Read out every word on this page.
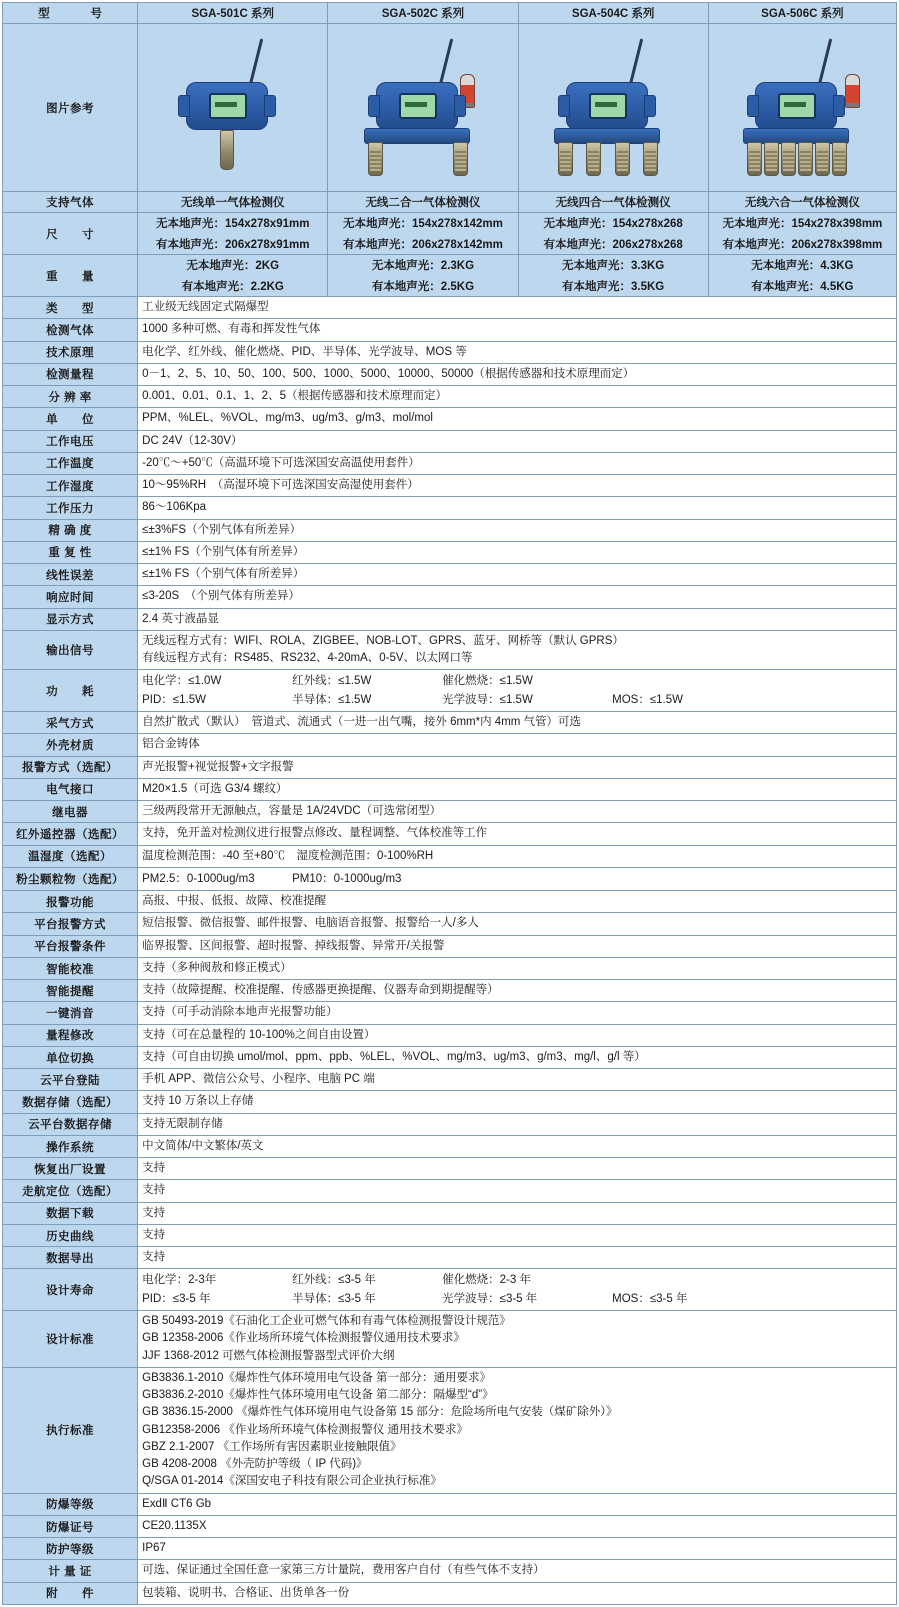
型　　号	SGA-501C 系列	SGA-502C 系列	SGA-504C 系列	SGA-506C 系列
图片参考	

支持气体	无线单一气体检测仪	无线二合一气体检测仪	无线四合一气体检测仪	无线六合一气体检测仪

尺　　寸	无本地声光：154x278x91mm
有本地声光：206x278x91mm	无本地声光：154x278x142mm
有本地声光：206x278x142mm	无本地声光：154x278x268
有本地声光：206x278x268	无本地声光：154x278x398mm
有本地声光：206x278x398mm

重　　量	无本地声光：2KG
有本地声光：2.2KG	无本地声光：2.3KG
有本地声光：2.5KG	无本地声光：3.3KG
有本地声光：3.5KG	无本地声光：4.3KG
有本地声光：4.5KG

类　　型	工业级无线固定式隔爆型			

检测气体	1000 多种可燃、有毒和挥发性气体			

技术原理	电化学、红外线、催化燃烧、PID、半导体、光学波导、MOS 等			

检测量程	0－1、2、5、10、50、100、500、1000、5000、10000、50000（根据传感器和技术原理而定）			

分 辨 率	0.001、0.01、0.1、1、2、5（根据传感器和技术原理而定）			

单　　位	PPM、%LEL、%VOL、mg/m3、ug/m3、g/m3、mol/mol			

工作电压	DC 24V（12-30V）			

工作温度	-20℃～+50℃（高温环境下可选深国安高温使用套件）			

工作湿度	10～95%RH　（高湿环境下可选深国安高湿使用套件）			

工作压力	86～106Kpa			

精 确 度	≤±3%FS（个别气体有所差异）			

重 复 性	≤±1% FS（个别气体有所差异）			

线性误差	≤±1% FS（个别气体有所差异）			

响应时间	≤3-20S　（个别气体有所差异）			

显示方式	2.4 英寸液晶显			

输出信号	无线远程方式有：WIFI、ROLA、ZIGBEE、NOB-LOT、GPRS、蓝牙、网桥等（默认 GPRS）
有线远程方式有：RS485、RS232、4-20mA、0-5V、以太网口等			

功　　耗	电化学：≤1.0W 红外线：≤1.5W 催化燃烧：≤1.5W
PID：≤1.5W 半导体：≤1.5W 光学波导：≤1.5W MOS：≤1.5W			

采气方式	自然扩散式（默认）　管道式、流通式（一进一出气嘴，接外 6mm*内 4mm 气管）可选			

外壳材质	铝合金铸体			

报警方式（选配）	声光报警+视觉报警+文字报警			

电气接口	M20×1.5（可选 G3/4 螺纹）			

继电器	三级两段常开无源触点，容量是 1A/24VDC（可选常闭型）			

红外遥控器（选配）	支持，免开盖对检测仪进行报警点修改、量程调整、气体校准等工作			

温湿度（选配）	温度检测范围：-40 至+80℃　湿度检测范围：0-100%RH			

粉尘颗粒物（选配）	PM2.5：0-1000ug/m3 PM10：0-1000ug/m3			

报警功能	高报、中报、低报、故障、校准提醒			

平台报警方式	短信报警、微信报警、邮件报警、电脑语音报警、报警给一人/多人			

平台报警条件	临界报警、区间报警、超时报警、掉线报警、异常开/关报警			

智能校准	支持（多种阀敖和修正模式）			

智能提醒	支持（故障提醒、校准提醒、传感器更换提醒、仪器寿命到期提醒等）			

一键消音	支持（可手动消除本地声光报警功能）			

量程修改	支持（可在总量程的 10-100%之间自由设置）			

单位切换	支持（可自由切换 umol/mol、ppm、ppb、%LEL、%VOL、mg/m3、ug/m3、g/m3、mg/l、g/l 等）			

云平台登陆	手机 APP、微信公众号、小程序、电脑 PC 端			

数据存储（选配）	支持 10 万条以上存储			

云平台数据存储	支持无限制存储			

操作系统	中文简体/中文繁体/英文			

恢复出厂设置	支持			

走航定位（选配）	支持			

数据下载	支持			

历史曲线	支持			

数据导出	支持			

设计寿命	电化学：2-3年 红外线：≤3-5 年 催化燃烧：2-3 年
PID：≤3-5 年 半导体：≤3-5 年 光学波导：≤3-5 年 MOS：≤3-5 年			

设计标准	GB 50493-2019《石油化工企业可燃气体和有毒气体检测报警设计规范》
GB 12358-2006《作业场所环境气体检测报警仪通用技术要求》
JJF 1368-2012 可燃气体检测报警器型式评价大纲			

执行标准	
GB3836.1-2010《爆炸性气体环境用电气设备 第一部分：通用要求》
GB3836.2-2010《爆炸性气体环境用电气设备 第二部分：隔爆型“d”》
GB 3836.15-2000 《爆炸性气体环境用电气设备第 15 部分：危险场所电气安装（煤矿除外）》
GB12358-2006 《作业场所环境气体检测报警仪 通用技术要求》
GBZ 2.1-2007 《工作场所有害因素职业接触限值》
GB 4208-2008 《外壳防护等级（ IP 代码)》
Q/SGA 01-2014《深国安电子科技有限公司企业执行标准》

防爆等级	ExdⅡ CT6 Gb			

防爆证号	CE20.1135X			

防护等级	IP67			

计 量 证	可选、保证通过全国任意一家第三方计量院，费用客户自付（有些气体不支持）			

附　　件	包装箱、说明书、合格证、出货单各一份			
